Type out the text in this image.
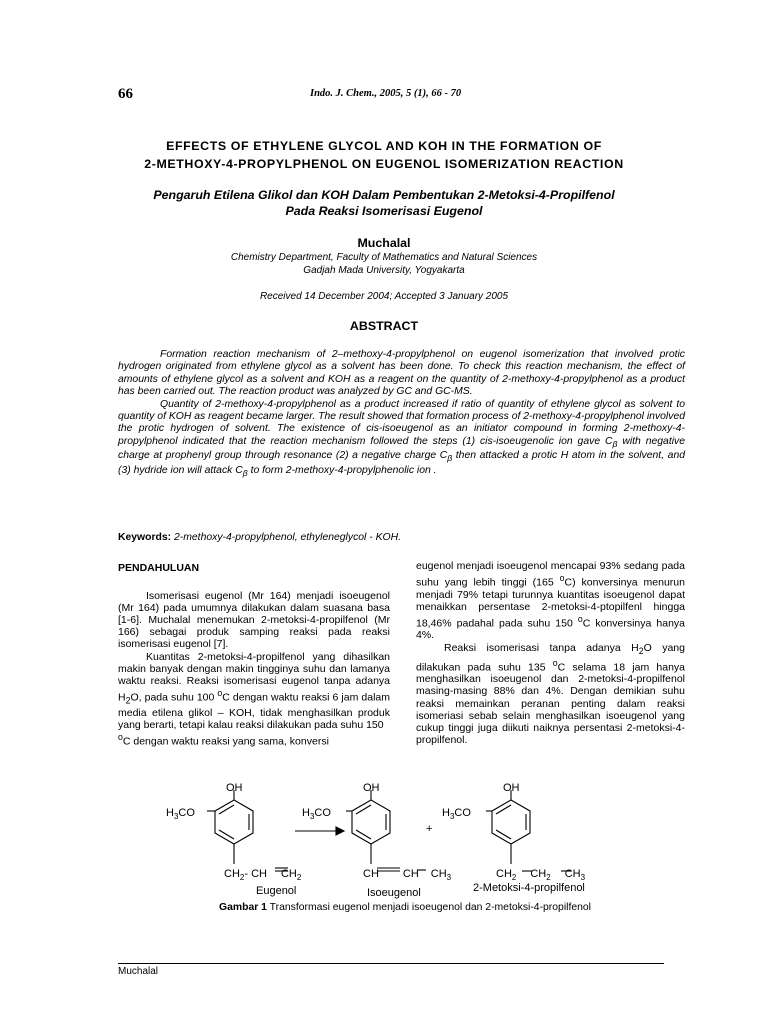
66	Indo. J. Chem., 2005, 5 (1), 66 - 70
EFFECTS OF ETHYLENE GLYCOL AND KOH IN THE FORMATION OF
2-METHOXY-4-PROPYLPHENOL ON EUGENOL ISOMERIZATION REACTION
Pengaruh Etilena Glikol dan KOH Dalam Pembentukan 2-Metoksi-4-Propilfenol
Pada Reaksi Isomerisasi Eugenol
Muchalal
Chemistry Department, Faculty of Mathematics and Natural Sciences
Gadjah Mada University, Yogyakarta
Received 14 December 2004; Accepted 3 January 2005
ABSTRACT

Formation reaction mechanism of 2–methoxy-4-propylphenol on eugenol isomerization that involved protic hydrogen originated from ethylene glycol as a solvent has been done. To check this reaction mechanism, the effect of amounts of ethylene glycol as a solvent and KOH as a reagent on the quantity of 2-methoxy-4-propylphenol as a product has been carried out. The reaction product was analyzed by GC and GC-MS.

Quantity of 2-methoxy-4-propylphenol as a product increased if ratio of quantity of ethylene glycol as solvent to quantity of KOH as reagent became larger. The result showed that formation process of 2-methoxy-4-propylphenol involved the protic hydrogen of solvent. The existence of cis-isoeugenol as an initiator compound in forming 2-methoxy-4-propylphenol indicated that the reaction mechanism followed the steps (1) cis-isoeugenolic ion gave $C_\beta$ with negative charge at prophenyl group through resonance (2) a negative charge $C_\beta$ then attacked a protic H atom in the solvent, and (3) hydride ion will attack $C_\beta$ to form 2-methoxy-4-propylphenolic ion .

Keywords: 2-methoxy-4-propylphenol, ethyleneglycol - KOH.
PENDAHULUAN

Isomerisasi eugenol (Mr 164) menjadi isoeugenol (Mr 164) pada umumnya dilakukan dalam suasana basa [1-6]. Muchalal menemukan 2-metoksi-4-propilfenol (Mr 166) sebagai produk samping reaksi pada reaksi isomerisasi eugenol [7].

Kuantitas 2-metoksi-4-propilfenol yang dihasilkan makin banyak dengan makin tingginya suhu dan lamanya waktu reaksi. Reaksi isomerisasi eugenol tanpa adanya $H_2O$, pada suhu 100 $^o$C dengan waktu reaksi 6 jam dalam media etilena glikol – KOH, tidak menghasilkan produk yang berarti, tetapi kalau reaksi dilakukan pada suhu 150
$^o$C dengan waktu reaksi yang sama, konversi

eugenol menjadi isoeugenol mencapai 93% sedang pada suhu yang lebih tinggi (165 $^o$C) konversinya menurun menjadi 79% tetapi turunnya kuantitas isoeugenol dapat menaikkan persentase 2-metoksi-4-ptopilfenl hingga 18,46% padahal pada suhu 150 $^o$C konversinya hanya 4%.

Reaksi isomerisasi tanpa adanya $H_2O$ yang dilakukan pada suhu 135 $^o$C selama 18 jam hanya menghasilkan isoeugenol dan 2-metoksi-4-propilfenol masing-masing 88% dan 4%. Dengan demikian suhu reaksi memainkan peranan penting dalam reaksi isomeriasi sebab selain menghasilkan isoeugenol yang cukup tinggi juga diikuti naiknya persentasi 2-metoksi-4-propilfenol.

OH
$H_3CO$
$CH_2-$ CH $CH_2$
Eugenol
OH
$H_3CO$
CH CH $CH_3$
Isoeugenol
+
OH
$H_3CO$
$CH_2$ $CH_2$ $CH_3$
2-Metoksi-4-propilfenol
Gambar 1 Transformasi eugenol menjadi isoeugenol dan 2-metoksi-4-propilfenol
Muchalal
